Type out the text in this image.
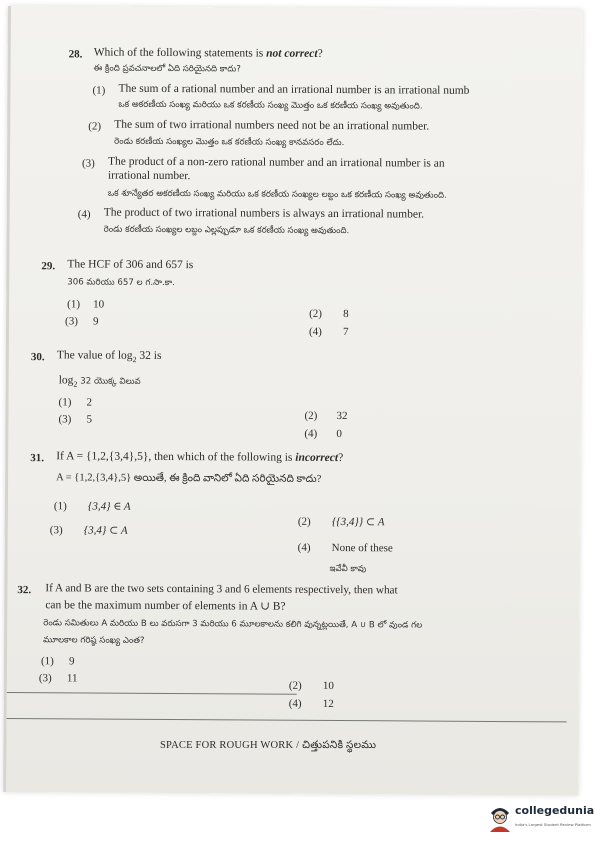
28. Which of the following statements is not correct?
ఈ క్రింది ప్రవచనాలలో ఏది సరియైనది కాదు?
(1) The sum of a rational number and an irrational number is an irrational numb
ఒక అకరణీయ సంఖ్య మరియు ఒక కరణీయ సంఖ్య మొత్తం ఒక కరణీయ సంఖ్య అవుతుంది.
(2) The sum of two irrational numbers need not be an irrational number.
రెండు కరణీయ సంఖ్యల మొత్తం ఒక కరణీయ సంఖ్య కానవసరం లేదు.
(3) The product of a non-zero rational number and an irrational number is an
irrational number.
ఒక శూన్యేతర అకరణీయ సంఖ్య మరియు ఒక కరణీయ సంఖ్యల లబ్దం ఒక కరణీయ సంఖ్య అవుతుంది.
(4) The product of two irrational numbers is always an irrational number.
రెండు కరణీయ సంఖ్యల లబ్దం ఎల్లప్పుడూ ఒక కరణీయ సంఖ్య అవుతుంది.
29. The HCF of 306 and 657 is
306 మరియు 657 ల గ.సా.కా.
(1) 10
(2) 8
(3) 9
(4) 7
30. The value of $\log_2 32$ is
$\log_2 32$ యొక్క విలువ
(1) 2
(2) 32
(3) 5
(4) 0
31. If A = {1,2,{3,4},5}, then which of the following is incorrect?
A = {1,2,{3,4},5} అయితే, ఈ క్రింది వానిలో ఏది సరియైనది కాదు?
(1) {3,4} ∈ A
(2) {{3,4}} ⊂ A
(3) {3,4} ⊂ A
(4) None of these
ఇవేవీ కావు
32. If A and B are the two sets containing 3 and 6 elements respectively, then what
can be the maximum number of elements in A ∪ B?
రెండు సమితులు A మరియు B లు వరుసగా 3 మరియు 6 మూలకాలను కలిగి వున్నట్లయితే, A ∪ B లో వుండ గల
మూలకాల గరిష్ఠ సంఖ్య ఎంత?
(1) 9
(3) 11
(2) 10
(4) 12
SPACE FOR ROUGH WORK / చిత్తుపనికి స్థలము
collegedunia
India's Largest Student Review Platform
